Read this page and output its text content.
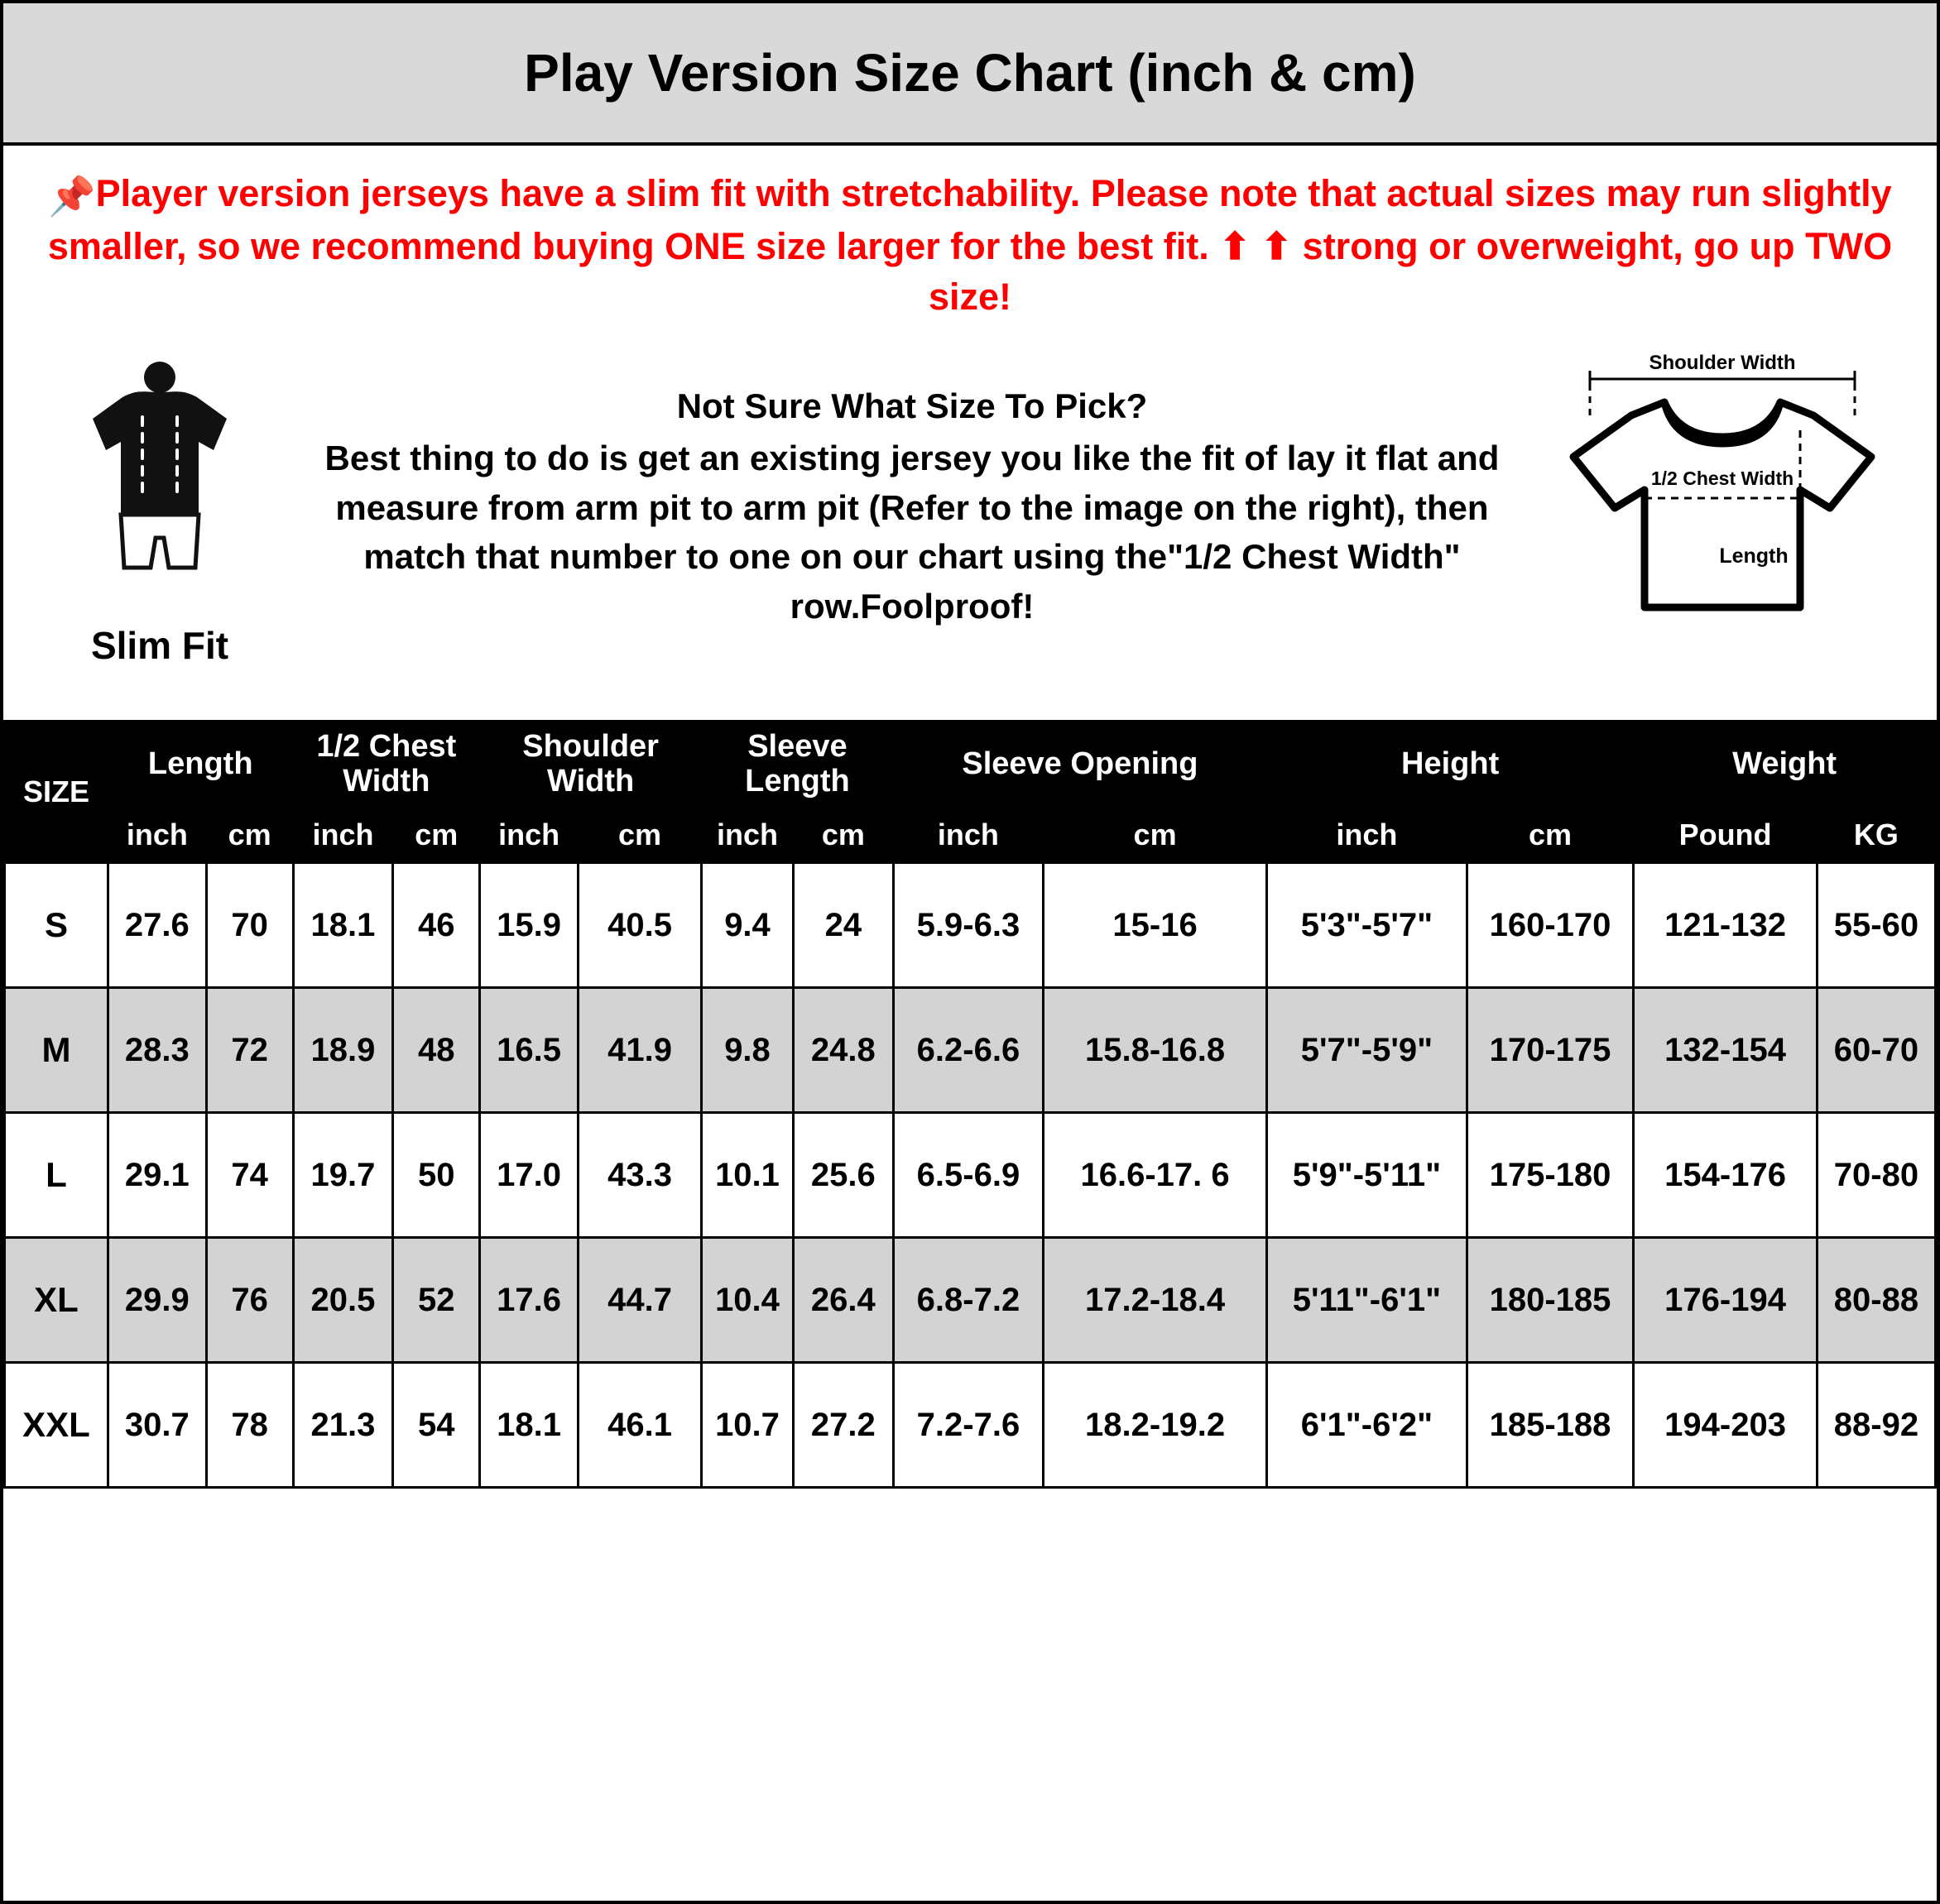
Play Version Size Chart (inch & cm)
📌Player version jerseys have a slim fit with stretchability. Please note that actual sizes may run slightly smaller, so we recommend buying ONE size larger for the best fit. ⬆ ⬆ strong or overweight, go up TWO size!
Slim Fit
Not Sure What Size To Pick?
Best thing to do is get an existing jersey you like the fit of lay it flat and measure from arm pit to arm pit (Refer to the image on the right), then match that number to one on our chart using the"1/2 Chest Width" row.Foolproof!
Shoulder Width
1/2 Chest Width
Length
SIZE	Length		1/2 Chest Width		Shoulder Width		Sleeve Length		Sleeve Opening		Height		Weight	
	inch	cm	inch	cm	inch	cm	inch	cm	inch	cm	inch	cm	Pound	KG
S	27.6	70	18.1	46	15.9	40.5	9.4	24	5.9-6.3	15-16	5'3"-5'7"	160-170	121-132	55-60
M	28.3	72	18.9	48	16.5	41.9	9.8	24.8	6.2-6.6	15.8-16.8	5'7"-5'9"	170-175	132-154	60-70
L	29.1	74	19.7	50	17.0	43.3	10.1	25.6	6.5-6.9	16.6-17. 6	5'9"-5'11"	175-180	154-176	70-80
XL	29.9	76	20.5	52	17.6	44.7	10.4	26.4	6.8-7.2	17.2-18.4	5'11"-6'1"	180-185	176-194	80-88
XXL	30.7	78	21.3	54	18.1	46.1	10.7	27.2	7.2-7.6	18.2-19.2	6'1"-6'2"	185-188	194-203	88-92
manixjersey.com
